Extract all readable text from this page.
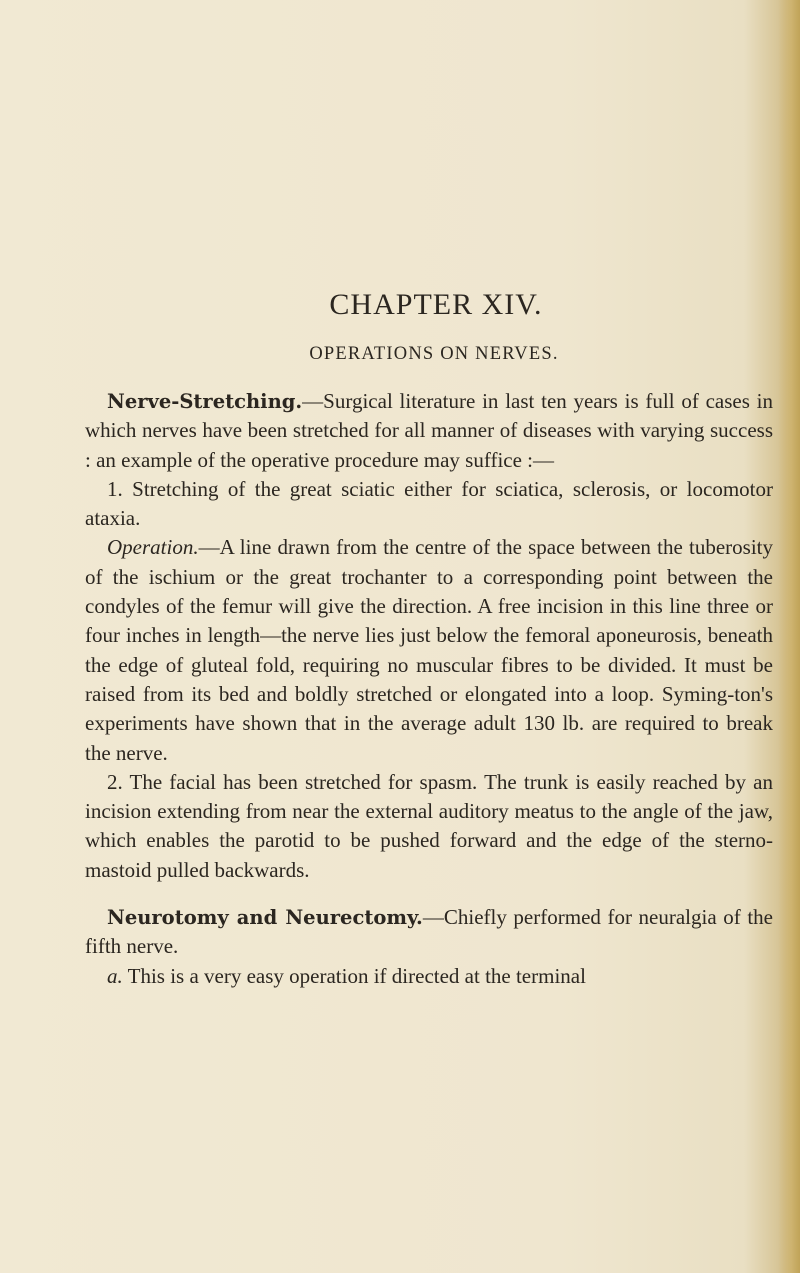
CHAPTER XIV.
OPERATIONS ON NERVES.

Nerve-Stretching.—Surgical literature in last ten years is full of cases in which nerves have been stretched for all manner of diseases with varying success : an example of the operative procedure may suffice :—

1. Stretching of the great sciatic either for sciatica, sclerosis, or locomotor ataxia.

Operation.—A line drawn from the centre of the space between the tuberosity of the ischium or the great trochanter to a corresponding point between the condyles of the femur will give the direction. A free incision in this line three or four inches in length—the nerve lies just below the femoral aponeurosis, beneath the edge of gluteal fold, requiring no muscular fibres to be divided. It must be raised from its bed and boldly stretched or elongated into a loop. Syming-ton's experiments have shown that in the average adult 130 lb. are required to break the nerve.

2. The facial has been stretched for spasm. The trunk is easily reached by an incision extending from near the external auditory meatus to the angle of the jaw, which enables the parotid to be pushed forward and the edge of the sterno-mastoid pulled backwards.

Neurotomy and Neurectomy.—Chiefly performed for neuralgia of the fifth nerve.

a. This is a very easy operation if directed at the terminal
